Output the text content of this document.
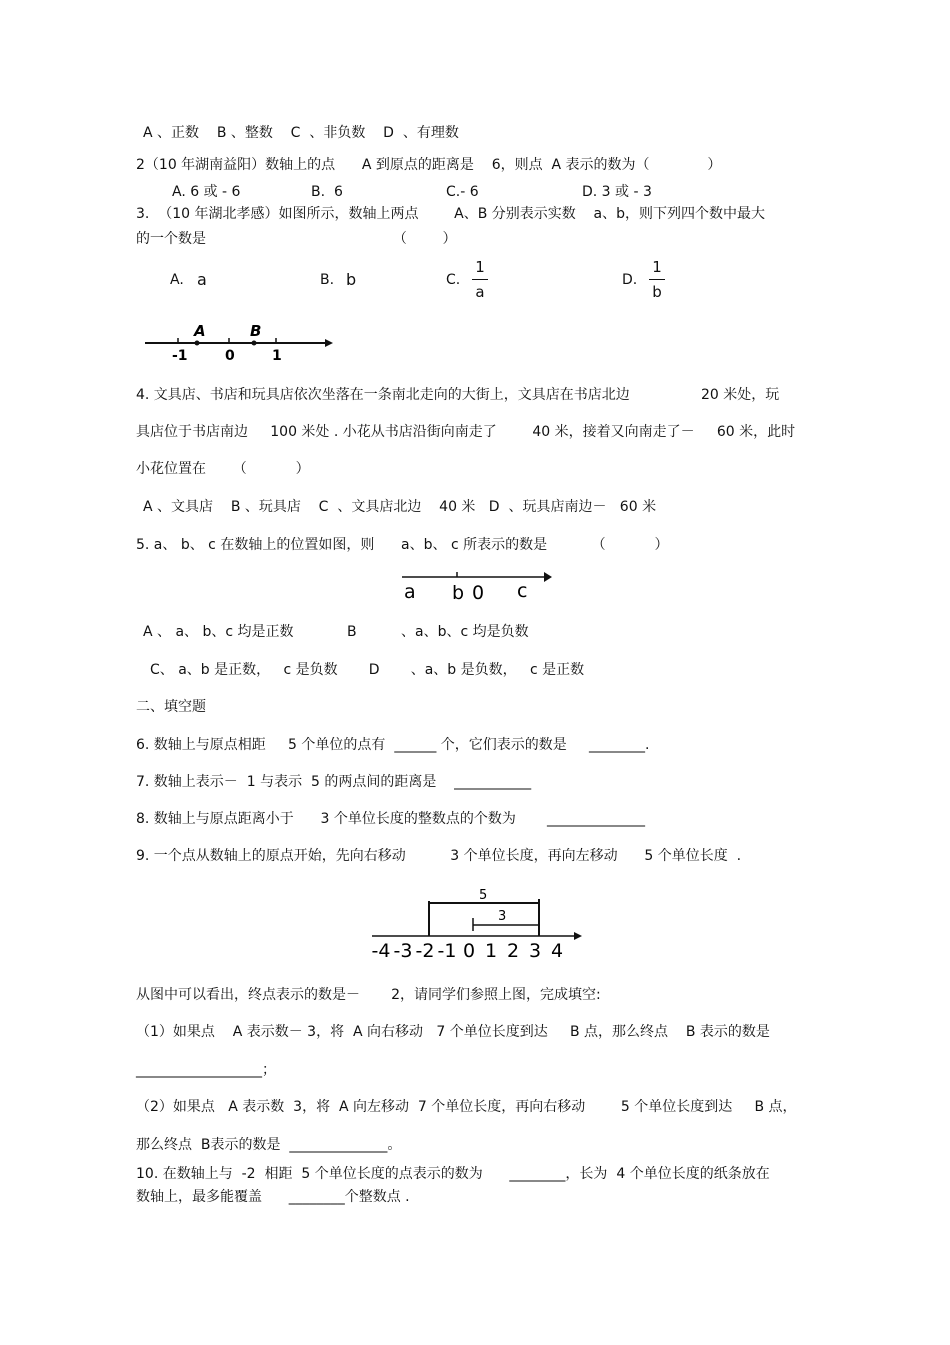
A 、正数    B 、整数    C  、非负数    D  、有理数
2（10 年湖南益阳）数轴上的点      A 到原点的距离是    6，则点  A 表示的数为（             ）
A. 6 或 - 6	B.  6	C.- 6	D. 3 或 - 3
3.  （10 年湖北孝感）如图所示，数轴上两点        A、B 分别表示实数    a、b，则下列四个数中最大
的一个数是                                          （        ）
A. a	B. b	C.
1
a
D.
1
b
A	B
-1	0	1
4. 文具店、书店和玩具店依次坐落在一条南北走向的大街上，文具店在书店北边                20 米处，玩
具店位于书店南边     100 米处 . 小花从书店沿街向南走了        40 米，接着又向南走了－     60 米，此时
小花位置在      （           ）
A 、文具店    B 、玩具店    C  、文具店北边    40 米   D  、玩具店南边－   60 米
5. a、 b、 c 在数轴上的位置如图，则      a、b、 c 所表示的数是          （           ）
a b 0 c
A 、 a、 b、c 均是正数            B          、a、b、c 均是负数
C、 a、b 是正数，   c 是负数       D       、a、b 是负数，   c 是正数
二、填空题
6. 数轴上与原点相距     5 个单位的点有  ______ 个，它们表示的数是     ________.
7. 数轴上表示－  1 与表示  5 的两点间的距离是    ___________
8. 数轴上与原点距离小于      3 个单位长度的整数点的个数为       ______________
9. 一个点从数轴上的原点开始，先向右移动          3 个单位长度，再向左移动      5 个单位长度  .
5
3
-4 -3 -2 -1 0 1 2 3 4
从图中可以看出，终点表示的数是－       2，请同学们参照上图，完成填空:
（1）如果点    A 表示数－ 3，将  A 向右移动   7 个单位长度到达     B 点，那么终点    B 表示的数是
__________________；
（2）如果点   A 表示数  3，将  A 向左移动  7 个单位长度，再向右移动        5 个单位长度到达     B 点，
那么终点  B表示的数是  ______________。
10. 在数轴上与  -2  相距  5 个单位长度的点表示的数为      ________，长为  4 个单位长度的纸条放在
数轴上，最多能覆盖      ________个整数点 .
